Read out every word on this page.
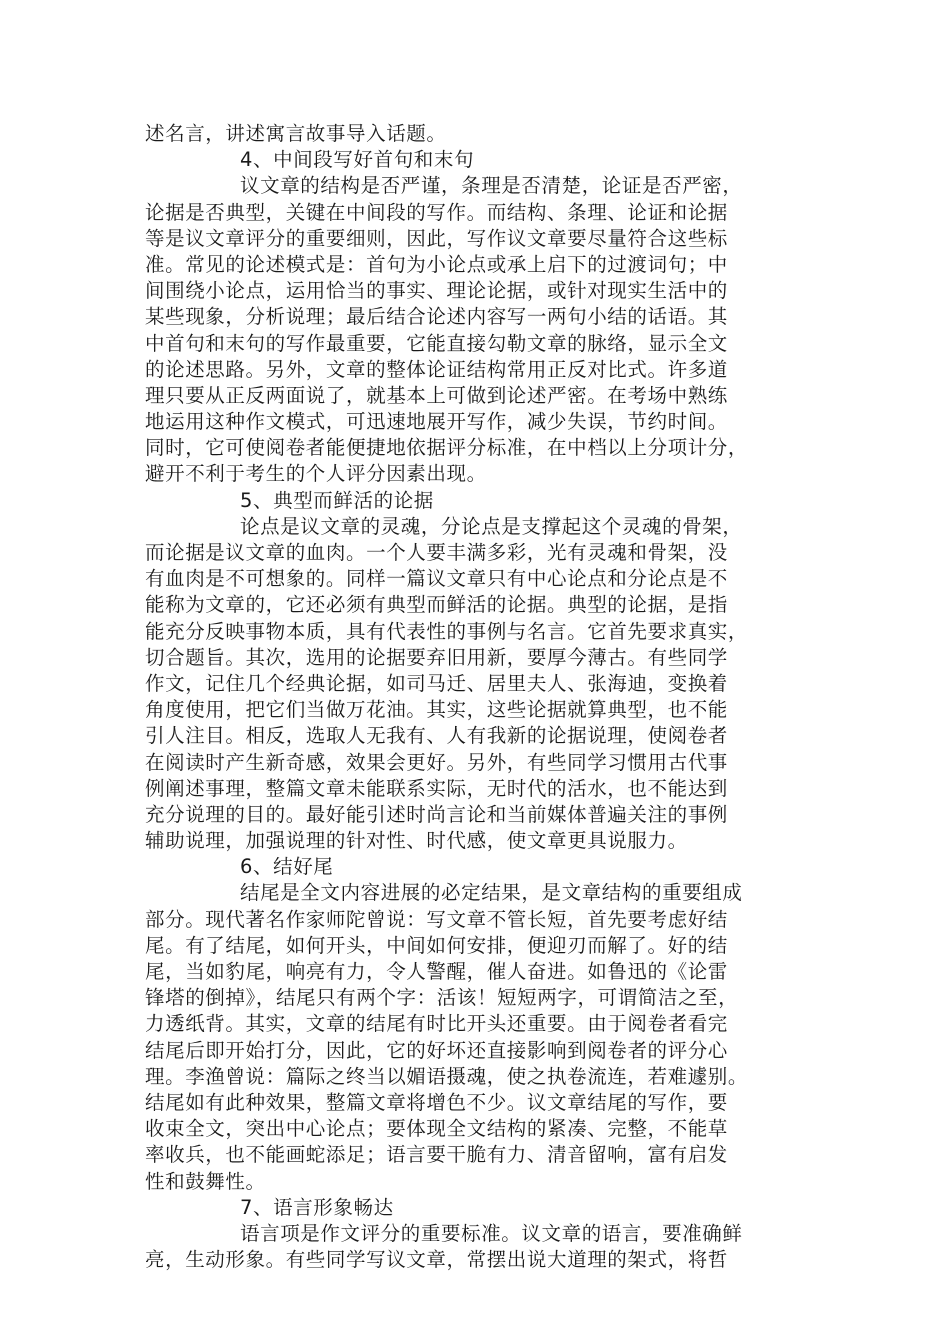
述名言，讲述寓言故事导入话题。
4、中间段写好首句和末句
议文章的结构是否严谨，条理是否清楚，论证是否严密，
论据是否典型，关键在中间段的写作。而结构、条理、论证和论据
等是议文章评分的重要细则，因此，写作议文章要尽量符合这些标
准。常见的论述模式是：首句为小论点或承上启下的过渡词句；中
间围绕小论点，运用恰当的事实、理论论据，或针对现实生活中的
某些现象，分析说理；最后结合论述内容写一两句小结的话语。其
中首句和末句的写作最重要，它能直接勾勒文章的脉络，显示全文
的论述思路。另外，文章的整体论证结构常用正反对比式。许多道
理只要从正反两面说了，就基本上可做到论述严密。在考场中熟练
地运用这种作文模式，可迅速地展开写作，减少失误，节约时间。
同时，它可使阅卷者能便捷地依据评分标准，在中档以上分项计分，
避开不利于考生的个人评分因素出现。
5、典型而鲜活的论据
论点是议文章的灵魂，分论点是支撑起这个灵魂的骨架，
而论据是议文章的血肉。一个人要丰满多彩，光有灵魂和骨架，没
有血肉是不可想象的。同样一篇议文章只有中心论点和分论点是不
能称为文章的，它还必须有典型而鲜活的论据。典型的论据，是指
能充分反映事物本质，具有代表性的事例与名言。它首先要求真实，
切合题旨。其次，选用的论据要弃旧用新，要厚今薄古。有些同学
作文，记住几个经典论据，如司马迁、居里夫人、张海迪，变换着
角度使用，把它们当做万花油。其实，这些论据就算典型，也不能
引人注目。相反，选取人无我有、人有我新的论据说理，使阅卷者
在阅读时产生新奇感，效果会更好。另外，有些同学习惯用古代事
例阐述事理，整篇文章未能联系实际，无时代的活水，也不能达到
充分说理的目的。最好能引述时尚言论和当前媒体普遍关注的事例
辅助说理，加强说理的针对性、时代感，使文章更具说服力。
6、结好尾
结尾是全文内容进展的必定结果，是文章结构的重要组成
部分。现代著名作家师陀曾说：写文章不管长短，首先要考虑好结
尾。有了结尾，如何开头，中间如何安排，便迎刃而解了。好的结
尾，当如豹尾，响亮有力，令人警醒，催人奋进。如鲁迅的《论雷
锋塔的倒掉》，结尾只有两个字：活该！短短两字，可谓简洁之至，
力透纸背。其实，文章的结尾有时比开头还重要。由于阅卷者看完
结尾后即开始打分，因此，它的好坏还直接影响到阅卷者的评分心
理。李渔曾说：篇际之终当以媚语摄魂，使之执卷流连，若难遽别。
结尾如有此种效果，整篇文章将增色不少。议文章结尾的写作，要
收束全文，突出中心论点；要体现全文结构的紧凑、完整，不能草
率收兵，也不能画蛇添足；语言要干脆有力、清音留响，富有启发
性和鼓舞性。
7、语言形象畅达
语言项是作文评分的重要标准。议文章的语言，要准确鲜
亮，生动形象。有些同学写议文章，常摆出说大道理的架式，将哲
